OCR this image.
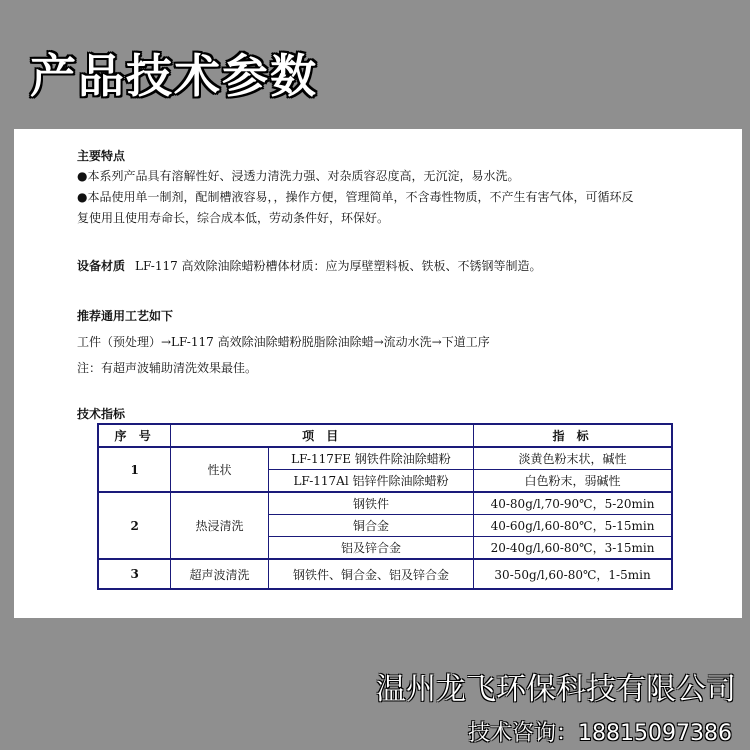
产品技术参数
主要特点
●本系列产品具有溶解性好、浸透力清洗力强、对杂质容忍度高，无沉淀，易水洗。
●本品使用单一制剂，配制槽液容易，，操作方便，管理简单，不含毒性物质，不产生有害气体，可循环反
复使用且使用寿命长，综合成本低，劳动条件好，环保好。
设备材质 LF-117 高效除油除蜡粉槽体材质：应为厚壁塑料板、铁板、不锈钢等制造。
推荐通用工艺如下
工件（预处理）→LF-117 高效除油除蜡粉脱脂除油除蜡→流动水洗→下道工序
注：有超声波辅助清洗效果最佳。
技术指标
序 号	项 目		指 标
1	性状	LF-117FE 钢铁件除油除蜡粉	淡黄色粉末状，碱性
		LF-117Al 铝锌件除油除蜡粉	白色粉末，弱碱性
2	热浸清洗	钢铁件	40-80g/l,70-90℃，5-20min
		铜合金	40-60g/l,60-80℃，5-15min
		铝及锌合金	20-40g/l,60-80℃，3-15min
3	超声波清洗	钢铁件、铜合金、铝及锌合金	30-50g/l,60-80℃，1-5min
温州龙飞环保科技有限公司
技术咨询：18815097386
